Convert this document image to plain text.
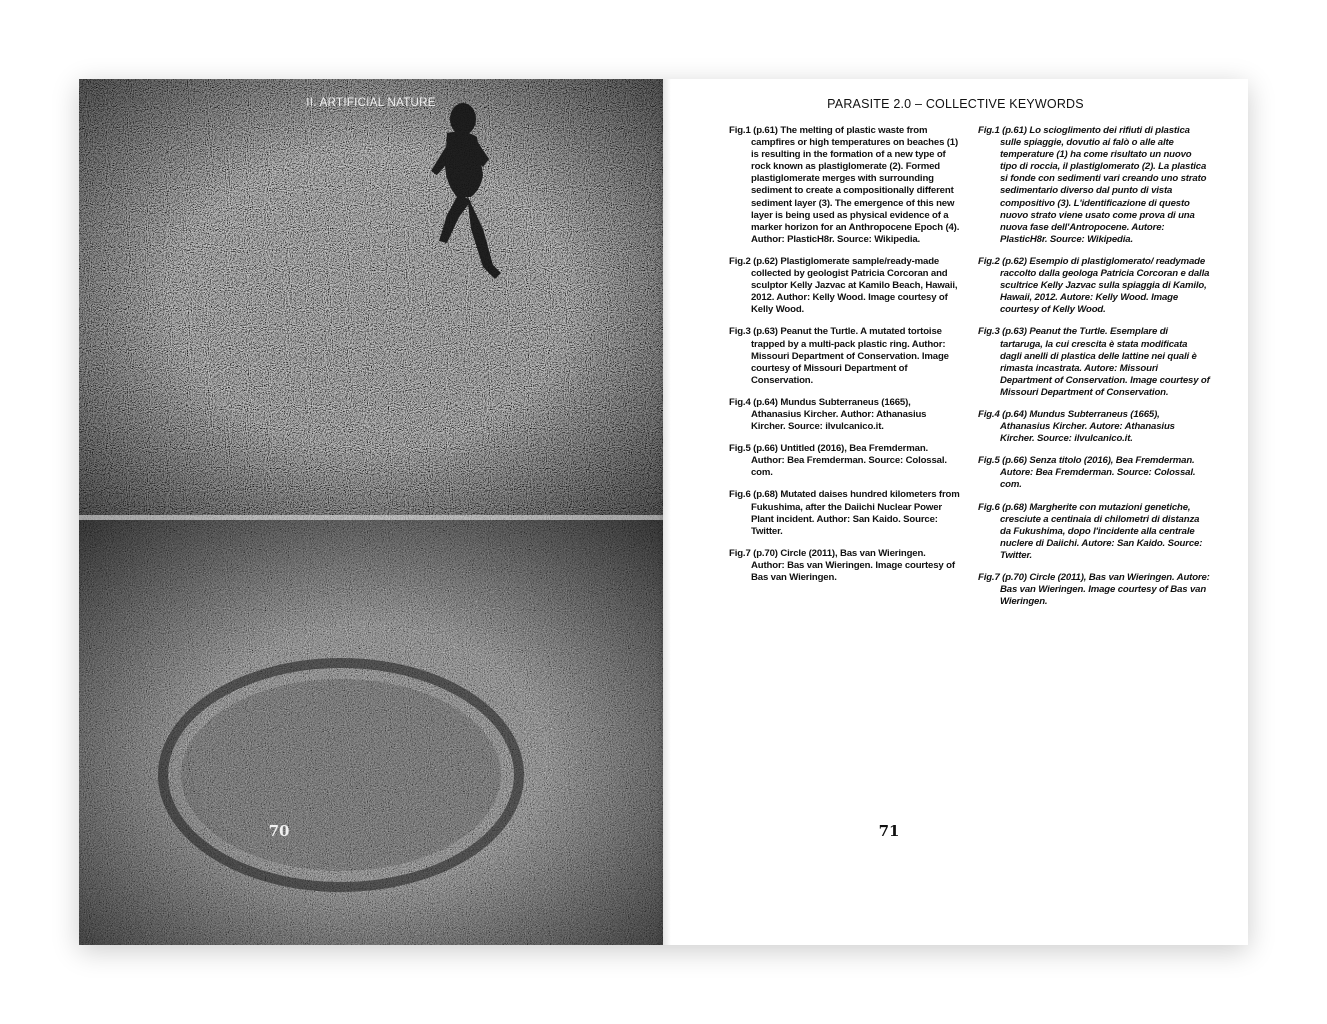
II. ARTIFICIAL NATURE
70
PARASITE 2.0 – COLLECTIVE KEYWORDS

Fig.1 (p.61) The melting of plastic waste from campfires or high temperatures on beaches (1) is resulting in the formation of a new type of rock known as plastiglomerate (2). Formed plastiglomerate merges with surrounding sediment to create a compositionally different sediment layer (3). The emergence of this new layer is being used as physical evidence of a marker horizon for an Anthropocene Epoch (4). Author: PlasticH8r. Source: Wikipedia.

Fig.2 (p.62) Plastiglomerate sample/ready-made collected by geologist Patricia Corcoran and sculptor Kelly Jazvac at Kamilo Beach, Hawaii, 2012. Author: Kelly Wood. Image courtesy of Kelly Wood.

Fig.3 (p.63) Peanut the Turtle. A mutated tortoise trapped by a multi-pack plastic ring. Author: Missouri Department of Conservation. Image courtesy of Missouri Department of Conservation.

Fig.4 (p.64) Mundus Subterraneus (1665), Athanasius Kircher. Author: Athanasius Kircher. Source: ilvulcanico.it.

Fig.5 (p.66) Untitled (2016), Bea Fremderman. Author: Bea Fremderman. Source: Colossal. com.

Fig.6 (p.68) Mutated daises hundred kilometers from Fukushima, after the Daiichi Nuclear Power Plant incident. Author: San Kaido. Source: Twitter.

Fig.7 (p.70) Circle (2011), Bas van Wieringen. Author: Bas van Wieringen. Image courtesy of Bas van Wieringen.

Fig.1 (p.61) Lo scioglimento dei rifiuti di plastica sulle spiaggie, dovutio ai falò o alle alte temperature (1) ha come risultato un nuovo tipo di roccia, il plastiglomerato (2). La plastica si fonde con sedimenti vari creando uno strato sedimentario diverso dal punto di vista compositivo (3). L'identificazione di questo nuovo strato viene usato come prova di una nuova fase dell'Antropocene. Autore: PlasticH8r. Source: Wikipedia.

Fig.2 (p.62) Esempio di plastiglomerato/ readymade raccolto dalla geologa Patricia Corcoran e dalla scultrice Kelly Jazvac sulla spiaggia di Kamilo, Hawaii, 2012. Autore: Kelly Wood. Image courtesy of Kelly Wood.

Fig.3 (p.63) Peanut the Turtle. Esemplare di tartaruga, la cui crescita è stata modificata dagli anelli di plastica delle lattine nei quali è rimasta incastrata. Autore: Missouri Department of Conservation. Image courtesy of Missouri Department of Conservation.

Fig.4 (p.64) Mundus Subterraneus (1665), Athanasius Kircher. Autore: Athanasius Kircher. Source: ilvulcanico.it.

Fig.5 (p.66) Senza titolo (2016), Bea Fremderman. Autore: Bea Fremderman. Source: Colossal. com.

Fig.6 (p.68) Margherite con mutazioni genetiche, cresciute a centinaia di chilometri di distanza da Fukushima, dopo l'incidente alla centrale nuclere di Daiichi. Autore: San Kaido. Source: Twitter.

Fig.7 (p.70) Circle (2011), Bas van Wieringen. Autore: Bas van Wieringen. Image courtesy of Bas van Wieringen.

71
